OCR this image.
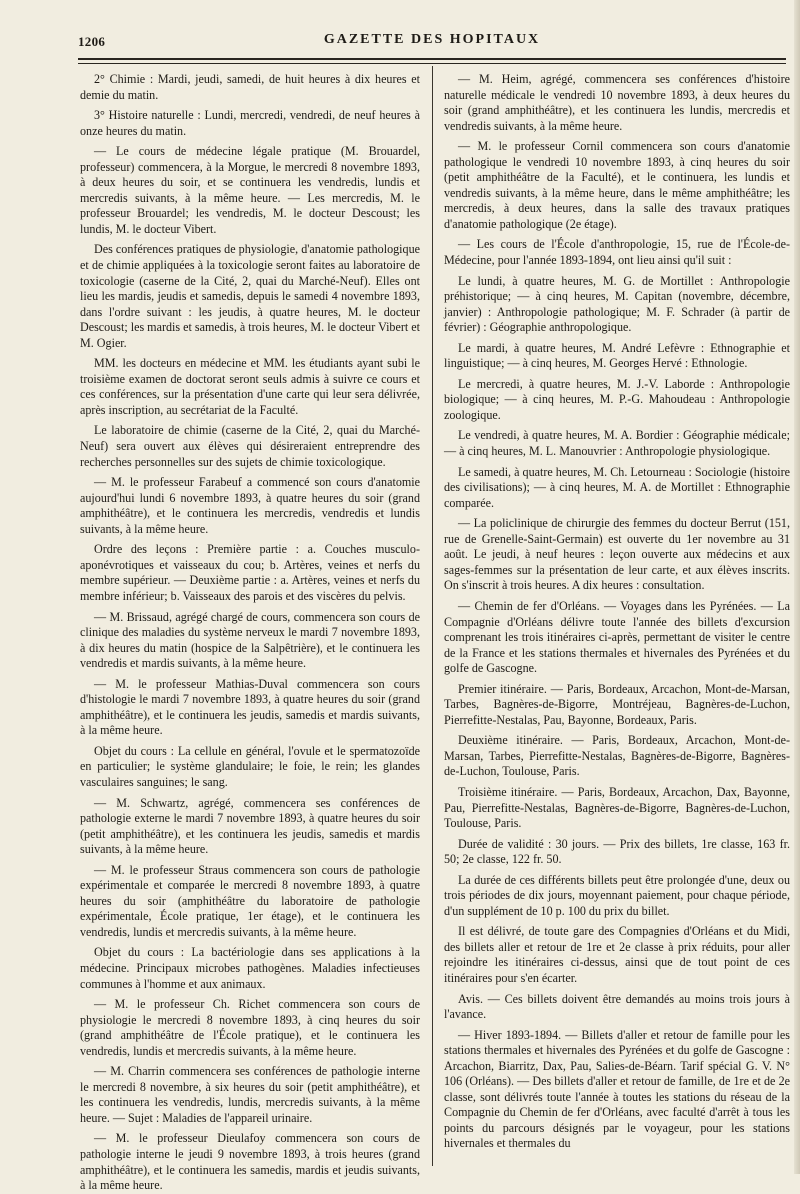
1206	GAZETTE DES HOPITAUX

2° Chimie : Mardi, jeudi, samedi, de huit heures à dix heures et demie du matin.

3° Histoire naturelle : Lundi, mercredi, vendredi, de neuf heures à onze heures du matin.

— Le cours de médecine légale pratique (M. Brouardel, professeur) commencera, à la Morgue, le mercredi 8 novembre 1893, à deux heures du soir, et se continuera les vendredis, lundis et mercredis suivants, à la même heure. — Les mercredis, M. le professeur Brouardel; les vendredis, M. le docteur Descoust; les lundis, M. le docteur Vibert.

Des conférences pratiques de physiologie, d'anatomie pathologique et de chimie appliquées à la toxicologie seront faites au laboratoire de toxicologie (caserne de la Cité, 2, quai du Marché-Neuf). Elles ont lieu les mardis, jeudis et samedis, depuis le samedi 4 novembre 1893, dans l'ordre suivant : les jeudis, à quatre heures, M. le docteur Descoust; les mardis et samedis, à trois heures, M. le docteur Vibert et M. Ogier.

MM. les docteurs en médecine et MM. les étudiants ayant subi le troisième examen de doctorat seront seuls admis à suivre ce cours et ces conférences, sur la présentation d'une carte qui leur sera délivrée, après inscription, au secrétariat de la Faculté.

Le laboratoire de chimie (caserne de la Cité, 2, quai du Marché-Neuf) sera ouvert aux élèves qui désireraient entreprendre des recherches personnelles sur des sujets de chimie toxicologique.

— M. le professeur Farabeuf a commencé son cours d'anatomie aujourd'hui lundi 6 novembre 1893, à quatre heures du soir (grand amphithéâtre), et le continuera les mercredis, vendredis et lundis suivants, à la même heure.

Ordre des leçons : Première partie : a. Couches musculo-aponévrotiques et vaisseaux du cou; b. Artères, veines et nerfs du membre supérieur. — Deuxième partie : a. Artères, veines et nerfs du membre inférieur; b. Vaisseaux des parois et des viscères du pelvis.

— M. Brissaud, agrégé chargé de cours, commencera son cours de clinique des maladies du système nerveux le mardi 7 novembre 1893, à dix heures du matin (hospice de la Salpêtrière), et le continuera les vendredis et mardis suivants, à la même heure.

— M. le professeur Mathias-Duval commencera son cours d'histologie le mardi 7 novembre 1893, à quatre heures du soir (grand amphithéâtre), et le continuera les jeudis, samedis et mardis suivants, à la même heure.

Objet du cours : La cellule en général, l'ovule et le spermatozoïde en particulier; le système glandulaire; le foie, le rein; les glandes vasculaires sanguines; le sang.

— M. Schwartz, agrégé, commencera ses conférences de pathologie externe le mardi 7 novembre 1893, à quatre heures du soir (petit amphithéâtre), et les continuera les jeudis, samedis et mardis suivants, à la même heure.

— M. le professeur Straus commencera son cours de pathologie expérimentale et comparée le mercredi 8 novembre 1893, à quatre heures du soir (amphithéâtre du laboratoire de pathologie expérimentale, École pratique, 1er étage), et le continuera les vendredis, lundis et mercredis suivants, à la même heure.

Objet du cours : La bactériologie dans ses applications à la médecine. Principaux microbes pathogènes. Maladies infectieuses communes à l'homme et aux animaux.

— M. le professeur Ch. Richet commencera son cours de physiologie le mercredi 8 novembre 1893, à cinq heures du soir (grand amphithéâtre de l'École pratique), et le continuera les vendredis, lundis et mercredis suivants, à la même heure.

— M. Charrin commencera ses conférences de pathologie interne le mercredi 8 novembre, à six heures du soir (petit amphithéâtre), et les continuera les vendredis, lundis, mercredis suivants, à la même heure. — Sujet : Maladies de l'appareil urinaire.

— M. le professeur Dieulafoy commencera son cours de pathologie interne le jeudi 9 novembre 1893, à trois heures (grand amphithéâtre), et le continuera les samedis, mardis et jeudis suivants, à la même heure.

— M. Heim, agrégé, commencera ses conférences d'histoire naturelle médicale le vendredi 10 novembre 1893, à deux heures du soir (grand amphithéâtre), et les continuera les lundis, mercredis et vendredis suivants, à la même heure.

— M. le professeur Cornil commencera son cours d'anatomie pathologique le vendredi 10 novembre 1893, à cinq heures du soir (petit amphithéâtre de la Faculté), et le continuera, les lundis et vendredis suivants, à la même heure, dans le même amphithéâtre; les mercredis, à deux heures, dans la salle des travaux pratiques d'anatomie pathologique (2e étage).

— Les cours de l'École d'anthropologie, 15, rue de l'École-de-Médecine, pour l'année 1893-1894, ont lieu ainsi qu'il suit :

Le lundi, à quatre heures, M. G. de Mortillet : Anthropologie préhistorique; — à cinq heures, M. Capitan (novembre, décembre, janvier) : Anthropologie pathologique; M. F. Schrader (à partir de février) : Géographie anthropologique.

Le mardi, à quatre heures, M. André Lefèvre : Ethnographie et linguistique; — à cinq heures, M. Georges Hervé : Ethnologie.

Le mercredi, à quatre heures, M. J.-V. Laborde : Anthropologie biologique; — à cinq heures, M. P.-G. Mahoudeau : Anthropologie zoologique.

Le vendredi, à quatre heures, M. A. Bordier : Géographie médicale; — à cinq heures, M. L. Manouvrier : Anthropologie physiologique.

Le samedi, à quatre heures, M. Ch. Letourneau : Sociologie (histoire des civilisations); — à cinq heures, M. A. de Mortillet : Ethnographie comparée.

— La policlinique de chirurgie des femmes du docteur Berrut (151, rue de Grenelle-Saint-Germain) est ouverte du 1er novembre au 31 août. Le jeudi, à neuf heures : leçon ouverte aux médecins et aux sages-femmes sur la présentation de leur carte, et aux élèves inscrits. On s'inscrit à trois heures. A dix heures : consultation.

— Chemin de fer d'Orléans. — Voyages dans les Pyrénées. — La Compagnie d'Orléans délivre toute l'année des billets d'excursion comprenant les trois itinéraires ci-après, permettant de visiter le centre de la France et les stations thermales et hivernales des Pyrénées et du golfe de Gascogne.

Premier itinéraire. — Paris, Bordeaux, Arcachon, Mont-de-Marsan, Tarbes, Bagnères-de-Bigorre, Montréjeau, Bagnères-de-Luchon, Pierrefitte-Nestalas, Pau, Bayonne, Bordeaux, Paris.

Deuxième itinéraire. — Paris, Bordeaux, Arcachon, Mont-de-Marsan, Tarbes, Pierrefitte-Nestalas, Bagnères-de-Bigorre, Bagnères-de-Luchon, Toulouse, Paris.

Troisième itinéraire. — Paris, Bordeaux, Arcachon, Dax, Bayonne, Pau, Pierrefitte-Nestalas, Bagnères-de-Bigorre, Bagnères-de-Luchon, Toulouse, Paris.

Durée de validité : 30 jours. — Prix des billets, 1re classe, 163 fr. 50; 2e classe, 122 fr. 50.

La durée de ces différents billets peut être prolongée d'une, deux ou trois périodes de dix jours, moyennant paiement, pour chaque période, d'un supplément de 10 p. 100 du prix du billet.

Il est délivré, de toute gare des Compagnies d'Orléans et du Midi, des billets aller et retour de 1re et 2e classe à prix réduits, pour aller rejoindre les itinéraires ci-dessus, ainsi que de tout point de ces itinéraires pour s'en écarter.

Avis. — Ces billets doivent être demandés au moins trois jours à l'avance.

— Hiver 1893-1894. — Billets d'aller et retour de famille pour les stations thermales et hivernales des Pyrénées et du golfe de Gascogne : Arcachon, Biarritz, Dax, Pau, Salies-de-Béarn. Tarif spécial G. V. N° 106 (Orléans). — Des billets d'aller et retour de famille, de 1re et de 2e classe, sont délivrés toute l'année à toutes les stations du réseau de la Compagnie du Chemin de fer d'Orléans, avec faculté d'arrêt à tous les points du parcours désignés par le voyageur, pour les stations hivernales et thermales du
